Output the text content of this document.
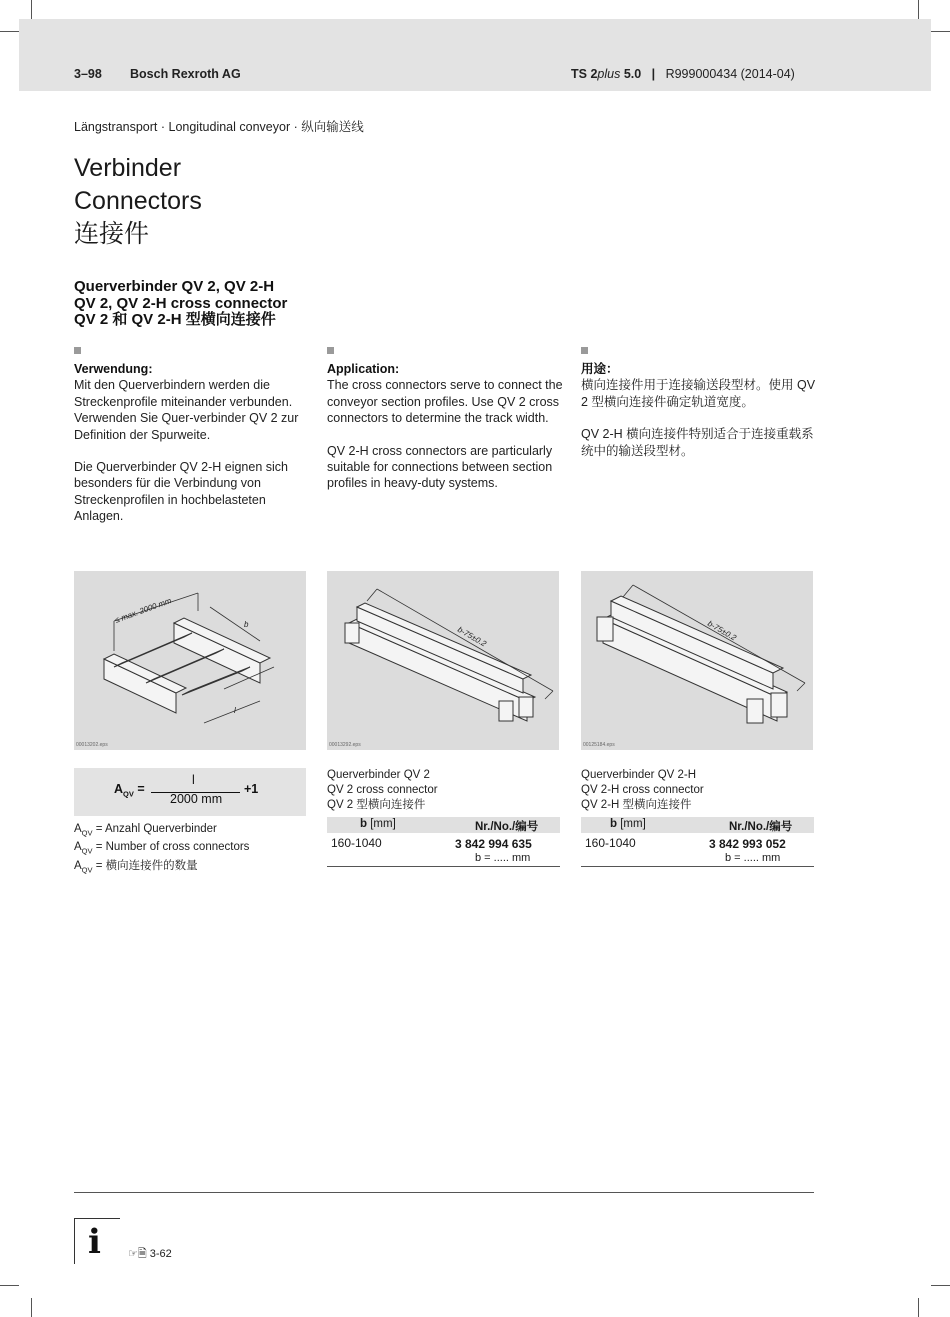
3–98 Bosch Rexroth AG	TS 2plus 5.0 | R999000434 (2014-04)
Längstransport · Longitudinal conveyor · 纵向输送线
Verbinder
Connectors
连接件
Querverbinder QV 2, QV 2-H
QV 2, QV 2-H cross connector
QV 2 和 QV 2-H 型横向连接件
Verwendung:

Mit den Querverbindern werden die Streckenprofile miteinander verbunden. Verwenden Sie Quer-verbinder QV 2 zur Definition der Spurweite.

Die Querverbinder QV 2-H eignen sich besonders für die Verbindung von Streckenprofilen in hochbelasteten Anlagen.

Application:

The cross connectors serve to connect the conveyor section profiles. Use QV 2 cross connectors to determine the track width.

QV 2-H cross connectors are particularly suitable for connections between section profiles in heavy-duty systems.

用途：

横向连接件用于连接输送段型材。使用 QV 2 型横向连接件确定轨道宽度。

QV 2-H 横向连接件特别适合于连接重载系统中的输送段型材。

≤ max. 2000 mm	b
l
00013202.eps
b-75±0.2
00013292.eps
b-75±0.2
00125184.eps
$A_{QV}$ =
l
2000 mm
+1
$A_{QV}$ = Anzahl Querverbinder
$A_{QV}$ = Number of cross connectors
$A_{QV}$ = 横向连接件的数量
Querverbinder QV 2
QV 2 cross connector
QV 2 型横向连接件
b [mm]	Nr./No./编号
160-1040	3 842 994 635
b = ..... mm
Querverbinder QV 2-H
QV 2-H cross connector
QV 2-H 型横向连接件
b [mm]	Nr./No./编号
160-1040	3 842 993 052
b = ..... mm
i ☞🗎 3-62
